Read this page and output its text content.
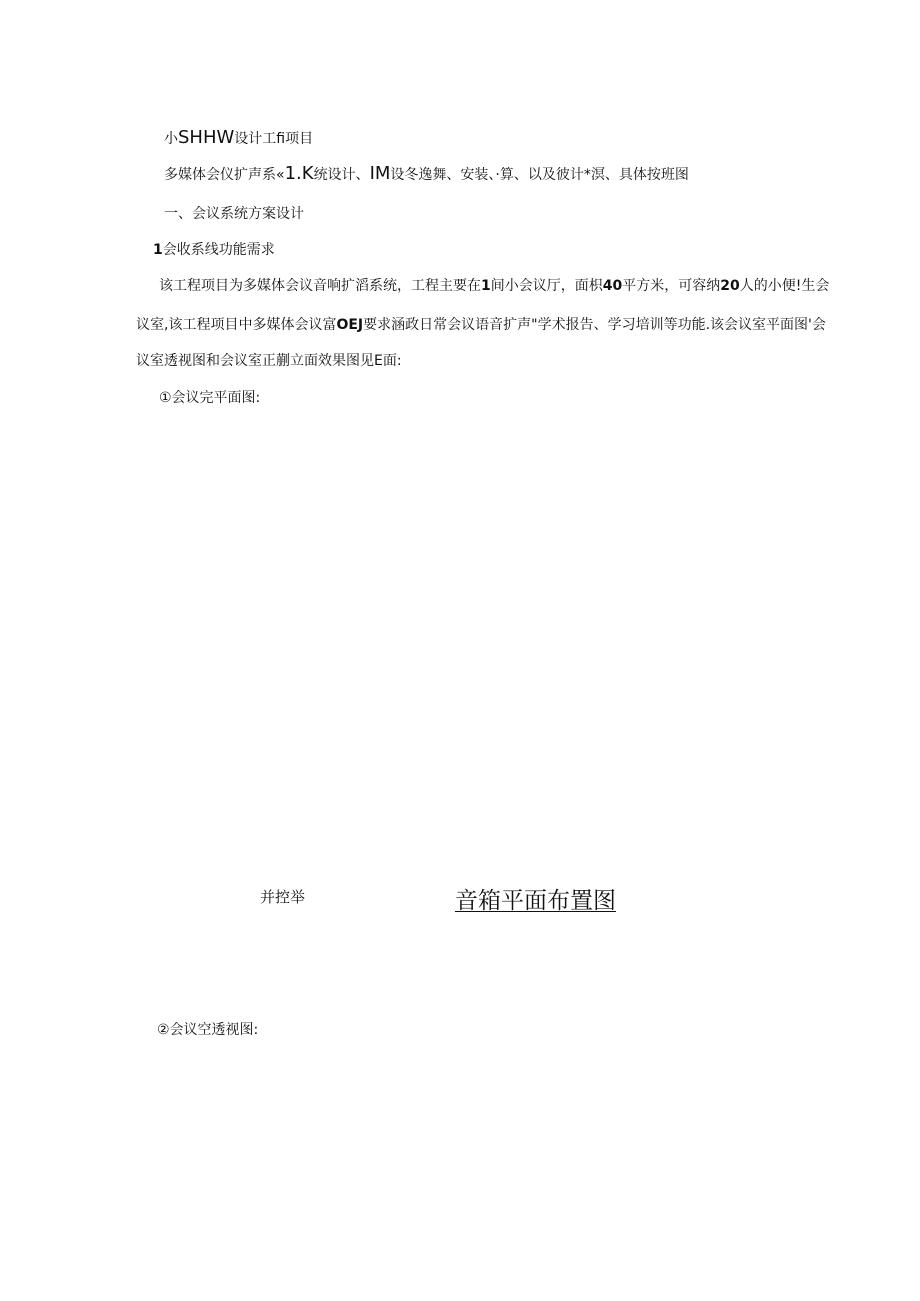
小SHHW设计工fi项目
多媒体会仪扩声系«1.K统设计、IM设冬逸舞、安装、·算、以及彼计*溟、具体按班图
一、会议系统方案设计
1会收系线功能需求
该工程项目为多媒体会议音响扩滔系统，工程主要在1间小会议厅，面枳40平方米，可容纳20人的小便!生会
议室,该工程项目中多媒体会议富OEJ要求涵政日常会议语音扩声"学术报告、学习培训等功能.该会议室平面图'会
议室透视图和会议室正蒯立面效果图见E面:
①会议完平面图:
并控举	音箱平面布置图
②会议空透视图:
